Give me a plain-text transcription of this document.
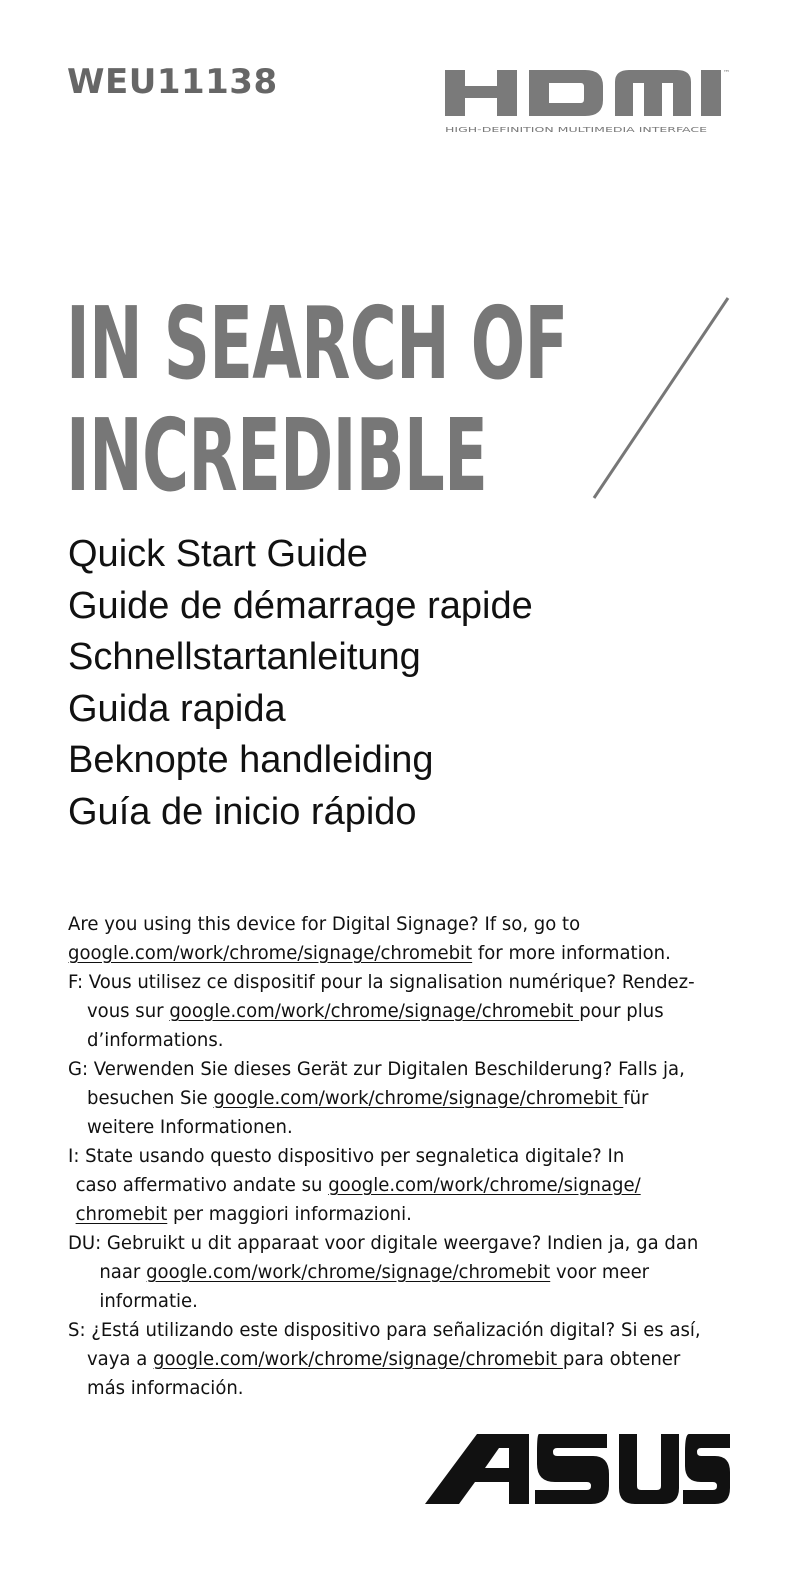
WEU11138	™
HIGH-DEFINITION MULTIMEDIA INTERFACE
IN SEARCH OF
INCREDIBLE
Quick Start Guide
Guide de démarrage rapide
Schnellstartanleitung
Guida rapida
Beknopte handleiding
Guía de inicio rápido
Are you using this device for Digital Signage? If so, go to
google.com/work/chrome/signage/chromebit for more information.
F: Vous utilisez ce dispositif pour la signalisation numérique? Rendez-
vous sur google.com/work/chrome/signage/chromebit pour plus
d’informations.
G: Verwenden Sie dieses Gerät zur Digitalen Beschilderung? Falls ja,
besuchen Sie google.com/work/chrome/signage/chromebit für
weitere Informationen.
I: State usando questo dispositivo per segnaletica digitale? In
caso affermativo andate su google.com/work/chrome/signage/
chromebit per maggiori informazioni.
DU: Gebruikt u dit apparaat voor digitale weergave? Indien ja, ga dan
naar google.com/work/chrome/signage/chromebit voor meer
informatie.
S: ¿Está utilizando este dispositivo para señalización digital? Si es así,
vaya a google.com/work/chrome/signage/chromebit para obtener
más información.
